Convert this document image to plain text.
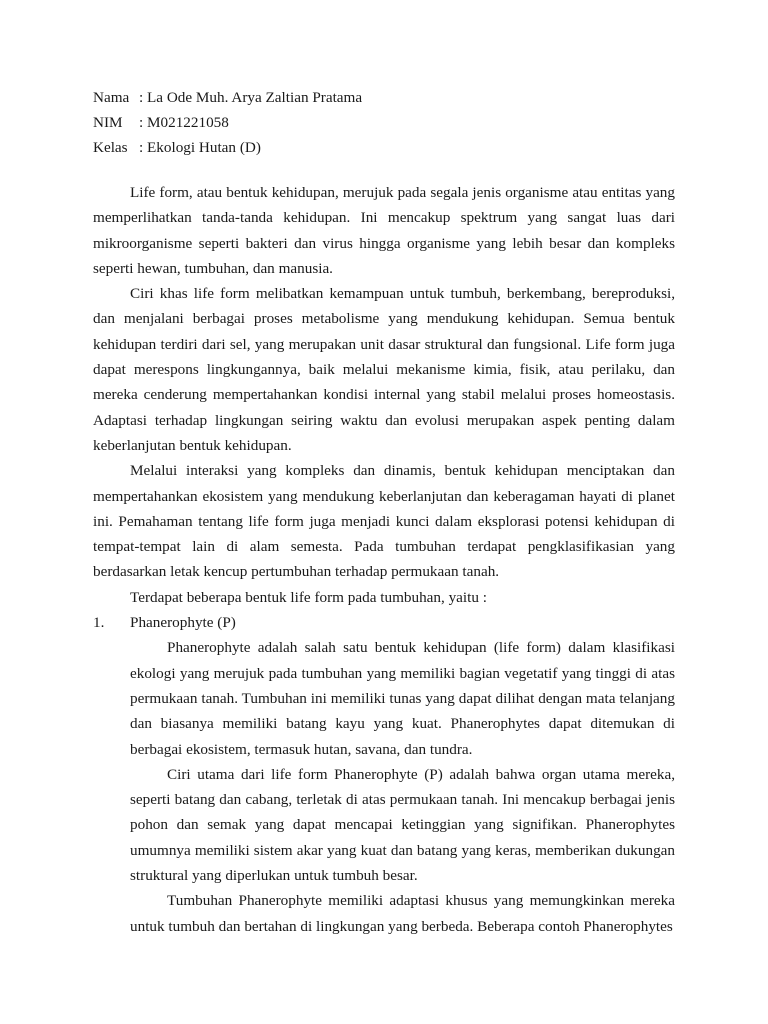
Nama : La Ode Muh. Arya Zaltian Pratama
NIM	: M021221058
Kelas : Ekologi Hutan (D)

Life form, atau bentuk kehidupan, merujuk pada segala jenis organisme atau entitas yang memperlihatkan tanda-tanda kehidupan. Ini mencakup spektrum yang sangat luas dari mikroorganisme seperti bakteri dan virus hingga organisme yang lebih besar dan kompleks seperti hewan, tumbuhan, dan manusia.

Ciri khas life form melibatkan kemampuan untuk tumbuh, berkembang, bereproduksi, dan menjalani berbagai proses metabolisme yang mendukung kehidupan. Semua bentuk kehidupan terdiri dari sel, yang merupakan unit dasar struktural dan fungsional. Life form juga dapat merespons lingkungannya, baik melalui mekanisme kimia, fisik, atau perilaku, dan mereka cenderung mempertahankan kondisi internal yang stabil melalui proses homeostasis. Adaptasi terhadap lingkungan seiring waktu dan evolusi merupakan aspek penting dalam keberlanjutan bentuk kehidupan.

Melalui interaksi yang kompleks dan dinamis, bentuk kehidupan menciptakan dan mempertahankan ekosistem yang mendukung keberlanjutan dan keberagaman hayati di planet ini. Pemahaman tentang life form juga menjadi kunci dalam eksplorasi potensi kehidupan di tempat-tempat lain di alam semesta. Pada tumbuhan terdapat pengklasifikasian yang berdasarkan letak kencup pertumbuhan terhadap permukaan tanah.

Terdapat beberapa bentuk life form pada tumbuhan, yaitu :

1. Phanerophyte (P)

Phanerophyte adalah salah satu bentuk kehidupan (life form) dalam klasifikasi ekologi yang merujuk pada tumbuhan yang memiliki bagian vegetatif yang tinggi di atas permukaan tanah. Tumbuhan ini memiliki tunas yang dapat dilihat dengan mata telanjang dan biasanya memiliki batang kayu yang kuat. Phanerophytes dapat ditemukan di berbagai ekosistem, termasuk hutan, savana, dan tundra.

Ciri utama dari life form Phanerophyte (P) adalah bahwa organ utama mereka, seperti batang dan cabang, terletak di atas permukaan tanah. Ini mencakup berbagai jenis pohon dan semak yang dapat mencapai ketinggian yang signifikan. Phanerophytes umumnya memiliki sistem akar yang kuat dan batang yang keras, memberikan dukungan struktural yang diperlukan untuk tumbuh besar.

Tumbuhan Phanerophyte memiliki adaptasi khusus yang memungkinkan mereka untuk tumbuh dan bertahan di lingkungan yang berbeda. Beberapa contoh Phanerophytes
